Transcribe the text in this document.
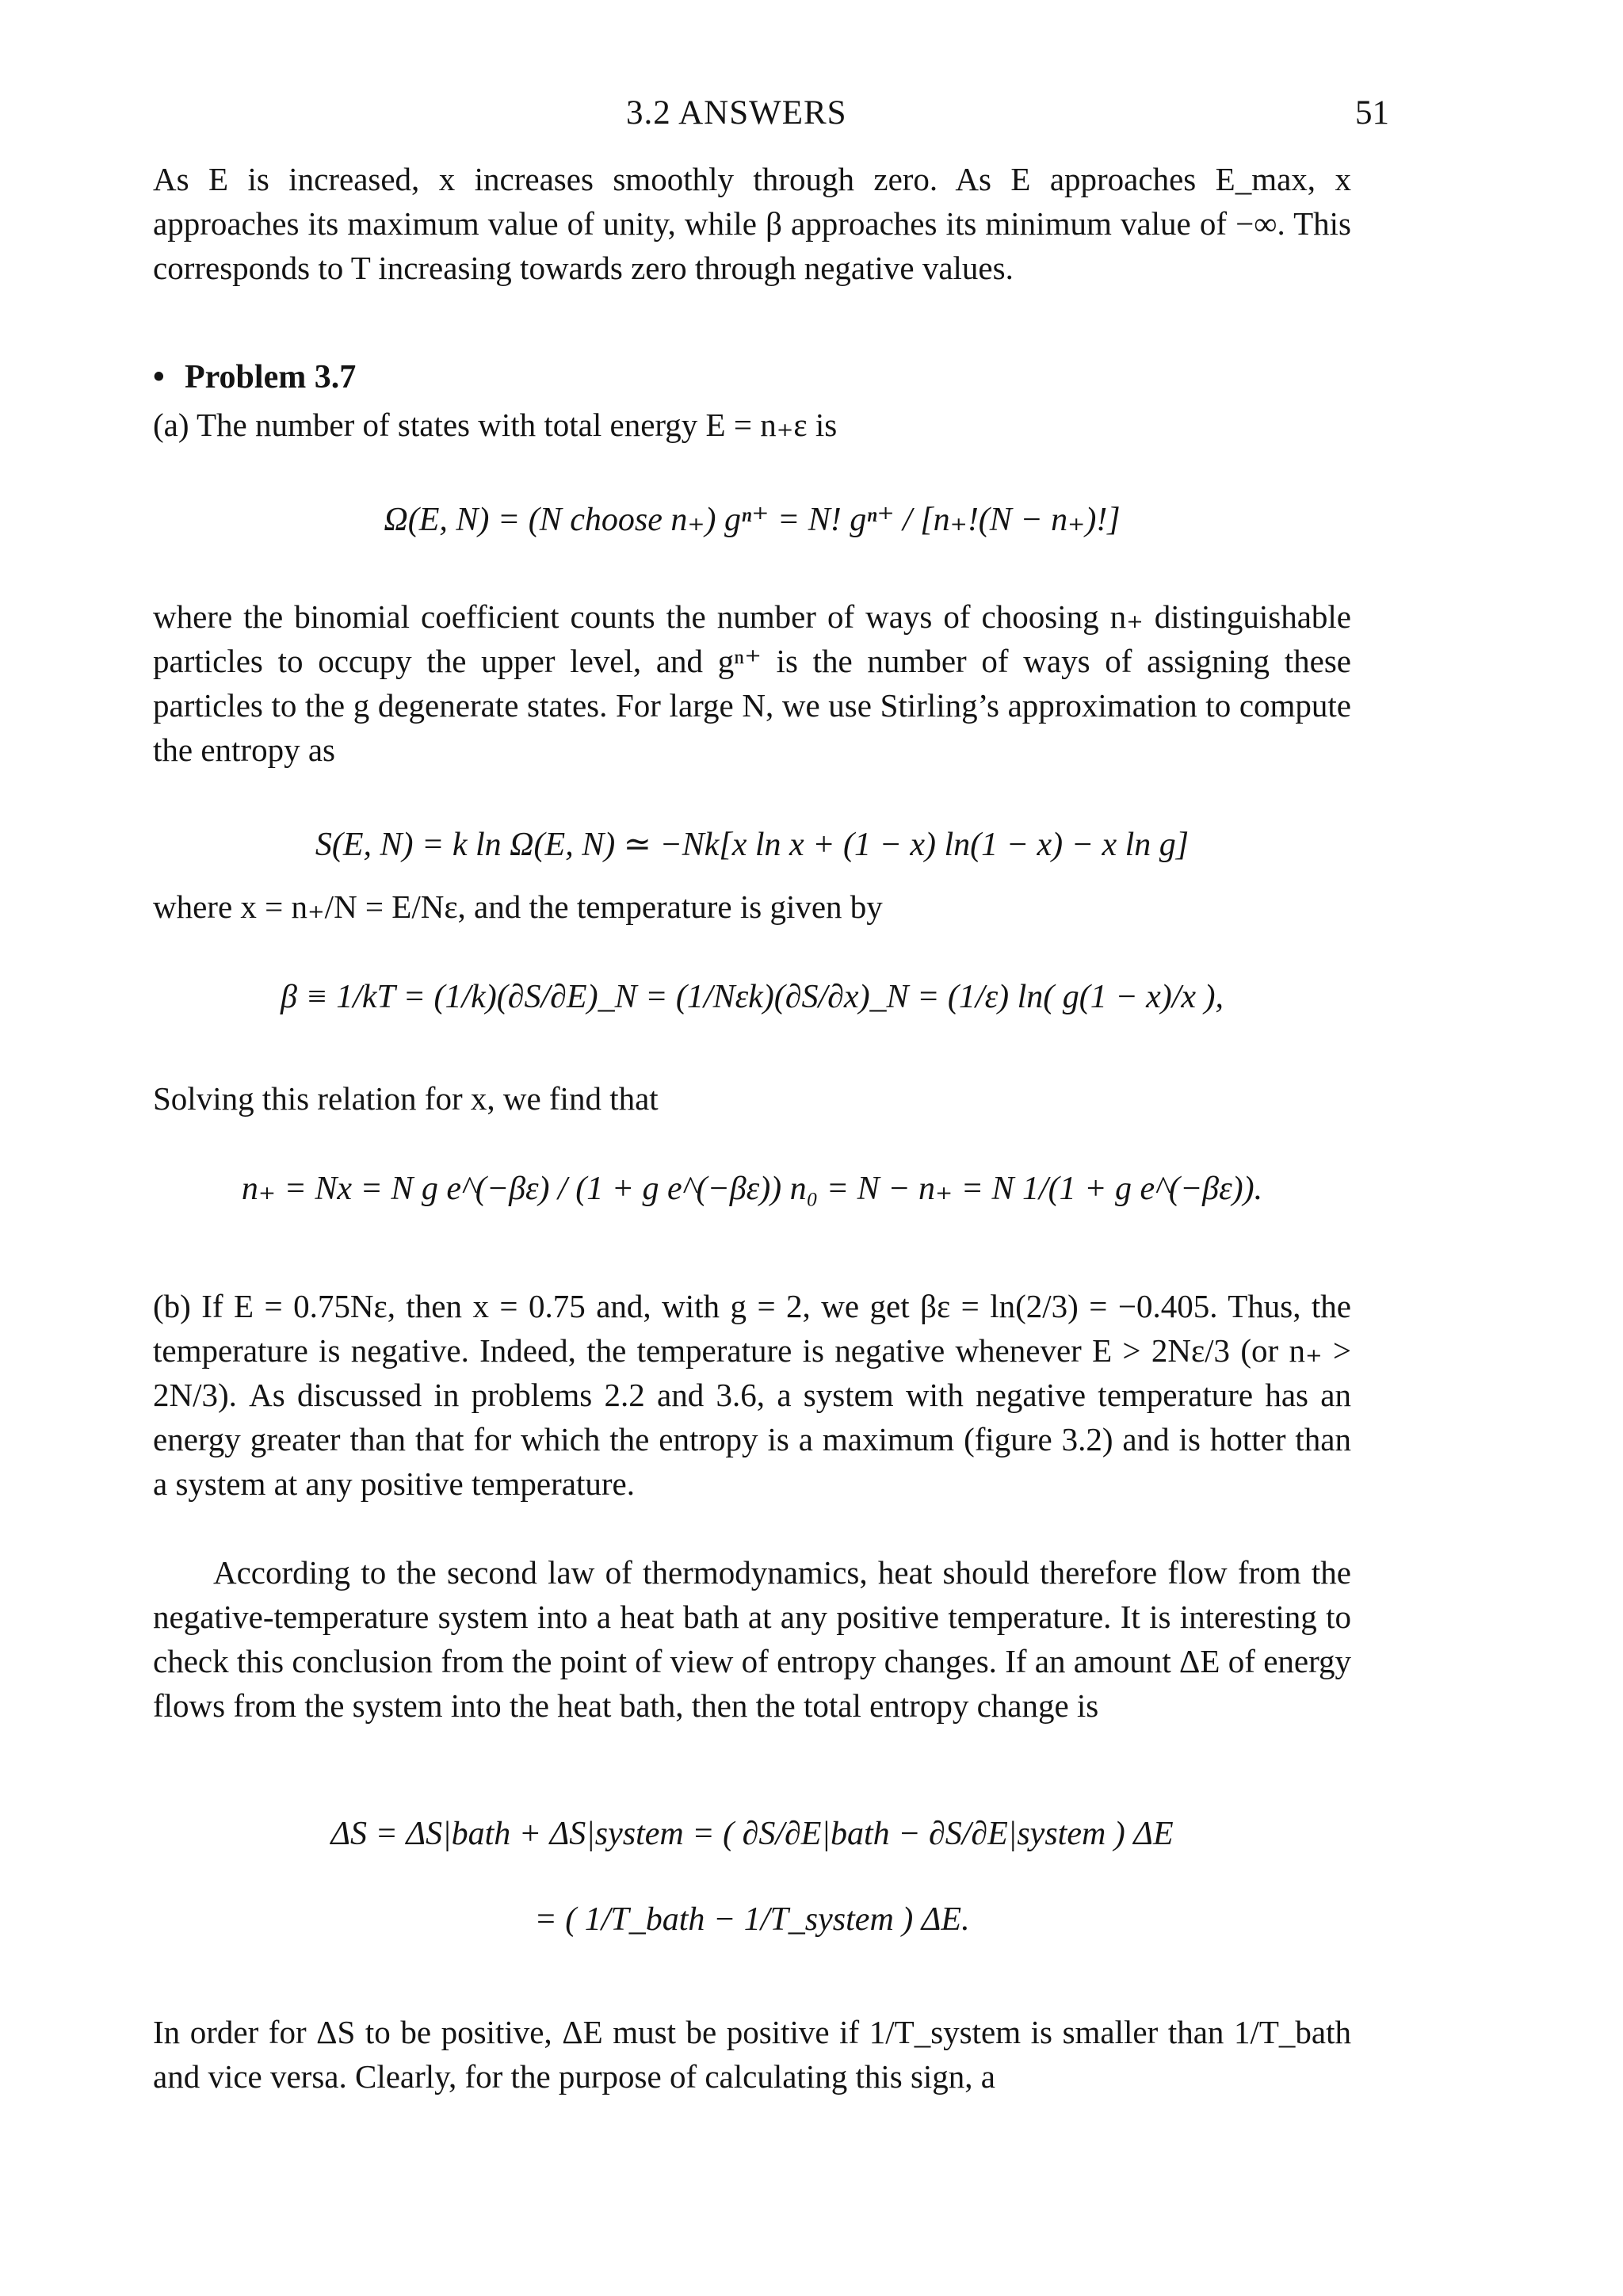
3.2 ANSWERS	51

As E is increased, x increases smoothly through zero. As E approaches E_max, x approaches its maximum value of unity, while β approaches its minimum value of −∞. This corresponds to T increasing towards zero through negative values.

• Problem 3.7

(a) The number of states with total energy E = n₊ε is

Ω(E, N) = (N choose n₊) gⁿ⁺ = N! gⁿ⁺ / [n₊!(N − n₊)!]

where the binomial coefficient counts the number of ways of choosing n₊ distinguishable particles to occupy the upper level, and gⁿ⁺ is the number of ways of assigning these particles to the g degenerate states. For large N, we use Stirling’s approximation to compute the entropy as

S(E, N) = k ln Ω(E, N) ≃ −Nk[x ln x + (1 − x) ln(1 − x) − x ln g]

where x = n₊/N = E/Nε, and the temperature is given by

β ≡ 1/kT = (1/k)(∂S/∂E)_N = (1/Nεk)(∂S/∂x)_N = (1/ε) ln( g(1 − x)/x ),

Solving this relation for x, we find that

n₊ = Nx = N g e^(−βε) / (1 + g e^(−βε)) n₀ = N − n₊ = N 1/(1 + g e^(−βε)).

(b) If E = 0.75Nε, then x = 0.75 and, with g = 2, we get βε = ln(2/3) = −0.405. Thus, the temperature is negative. Indeed, the temperature is negative whenever E > 2Nε/3 (or n₊ > 2N/3). As discussed in problems 2.2 and 3.6, a system with negative temperature has an energy greater than that for which the entropy is a maximum (figure 3.2) and is hotter than a system at any positive temperature.

According to the second law of thermodynamics, heat should therefore flow from the negative-temperature system into a heat bath at any positive temperature. It is interesting to check this conclusion from the point of view of entropy changes. If an amount ΔE of energy flows from the system into the heat bath, then the total entropy change is

ΔS = ΔS|bath + ΔS|system = ( ∂S/∂E|bath − ∂S/∂E|system ) ΔE
= ( 1/T_bath − 1/T_system ) ΔE.

In order for ΔS to be positive, ΔE must be positive if 1/T_system is smaller than 1/T_bath and vice versa. Clearly, for the purpose of calculating this sign, a
